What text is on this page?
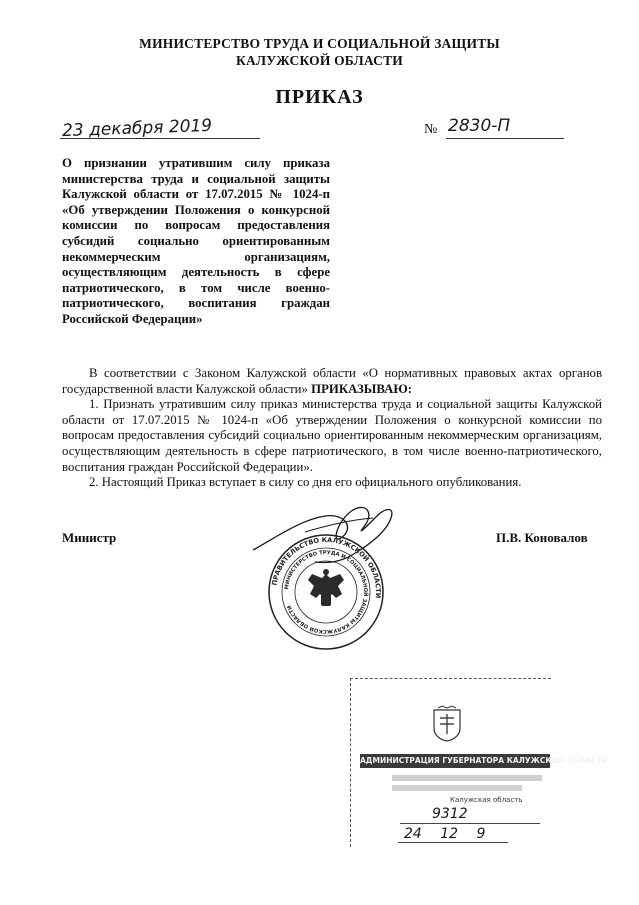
МИНИСТЕРСТВО ТРУДА И СОЦИАЛЬНОЙ ЗАЩИТЫ
КАЛУЖСКОЙ ОБЛАСТИ
ПРИКАЗ
23 декабря 2019	№ 2830-П
О признании утратившим силу приказа министерства труда и социальной защиты Калужской области от 17.07.2015 № 1024-п «Об утверждении Положения о конкурсной комиссии по вопросам предоставления субсидий социально ориентированным некоммерческим организациям, осуществляющим деятельность в сфере патриотического, в том числе военно-патриотического, воспитания граждан Российской Федерации»

В соответствии с Законом Калужской области «О нормативных правовых актах органов государственной власти Калужской области» ПРИКАЗЫВАЮ:

1. Признать утратившим силу приказ министерства труда и социальной защиты Калужской области от 17.07.2015 № 1024-п «Об утверждении Положения о конкурсной комиссии по вопросам предоставления субсидий социально ориентированным некоммерческим организациям, осуществляющим деятельность в сфере патриотического, в том числе военно-патриотического, воспитания граждан Российской Федерации».

2. Настоящий Приказ вступает в силу со дня его официального опубликования.

Министр	П.В. Коновалов
ПРАВИТЕЛЬСТВО КАЛУЖСКОЙ ОБЛАСТИ
МИНИСТЕРСТВО ТРУДА И СОЦИАЛЬНОЙ ЗАЩИТЫ КАЛУЖСКОЙ ОБЛАСТИ
АДМИНИСТРАЦИЯ ГУБЕРНАТОРА КАЛУЖСКОЙ ОБЛАСТИ
Калужская область
9312
24 12 9
